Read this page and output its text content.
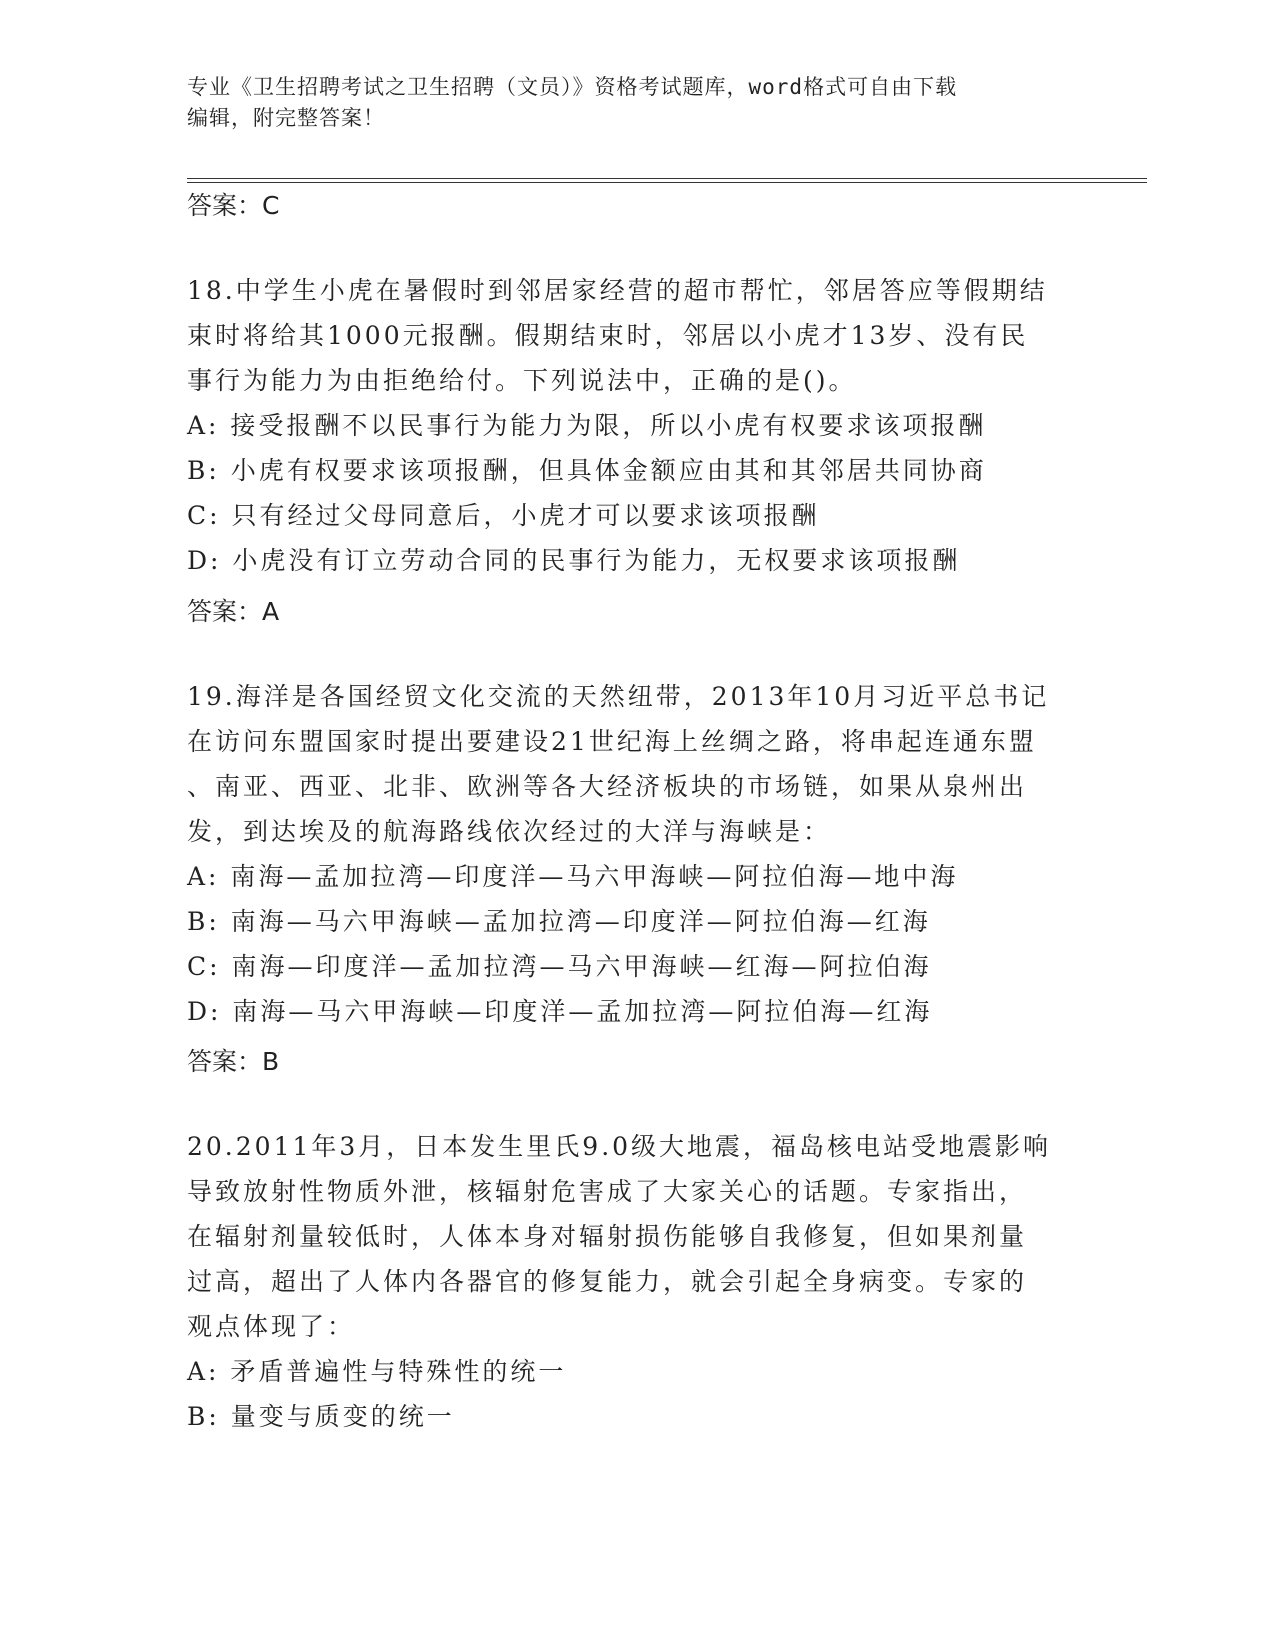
专业《卫生招聘考试之卫生招聘（文员）》资格考试题库，word格式可自由下载
编辑，附完整答案！
答案：C

18.中学生小虎在暑假时到邻居家经营的超市帮忙，邻居答应等假期结

束时将给其1000元报酬。假期结束时，邻居以小虎才13岁、没有民

事行为能力为由拒绝给付。下列说法中，正确的是()。

A: 接受报酬不以民事行为能力为限，所以小虎有权要求该项报酬

B: 小虎有权要求该项报酬，但具体金额应由其和其邻居共同协商

C: 只有经过父母同意后，小虎才可以要求该项报酬

D: 小虎没有订立劳动合同的民事行为能力，无权要求该项报酬

答案：A

19.海洋是各国经贸文化交流的天然纽带，2013年10月习近平总书记

在访问东盟国家时提出要建设21世纪海上丝绸之路，将串起连通东盟

、南亚、西亚、北非、欧洲等各大经济板块的市场链，如果从泉州出

发，到达埃及的航海路线依次经过的大洋与海峡是：

A: 南海—孟加拉湾—印度洋—马六甲海峡—阿拉伯海—地中海

B: 南海—马六甲海峡—孟加拉湾—印度洋—阿拉伯海—红海

C: 南海—印度洋—孟加拉湾—马六甲海峡—红海—阿拉伯海

D: 南海—马六甲海峡—印度洋—孟加拉湾—阿拉伯海—红海

答案：B

20.2011年3月，日本发生里氏9.0级大地震，福岛核电站受地震影响

导致放射性物质外泄，核辐射危害成了大家关心的话题。专家指出，

在辐射剂量较低时，人体本身对辐射损伤能够自我修复，但如果剂量

过高，超出了人体内各器官的修复能力，就会引起全身病变。专家的

观点体现了：

A: 矛盾普遍性与特殊性的统一

B: 量变与质变的统一
